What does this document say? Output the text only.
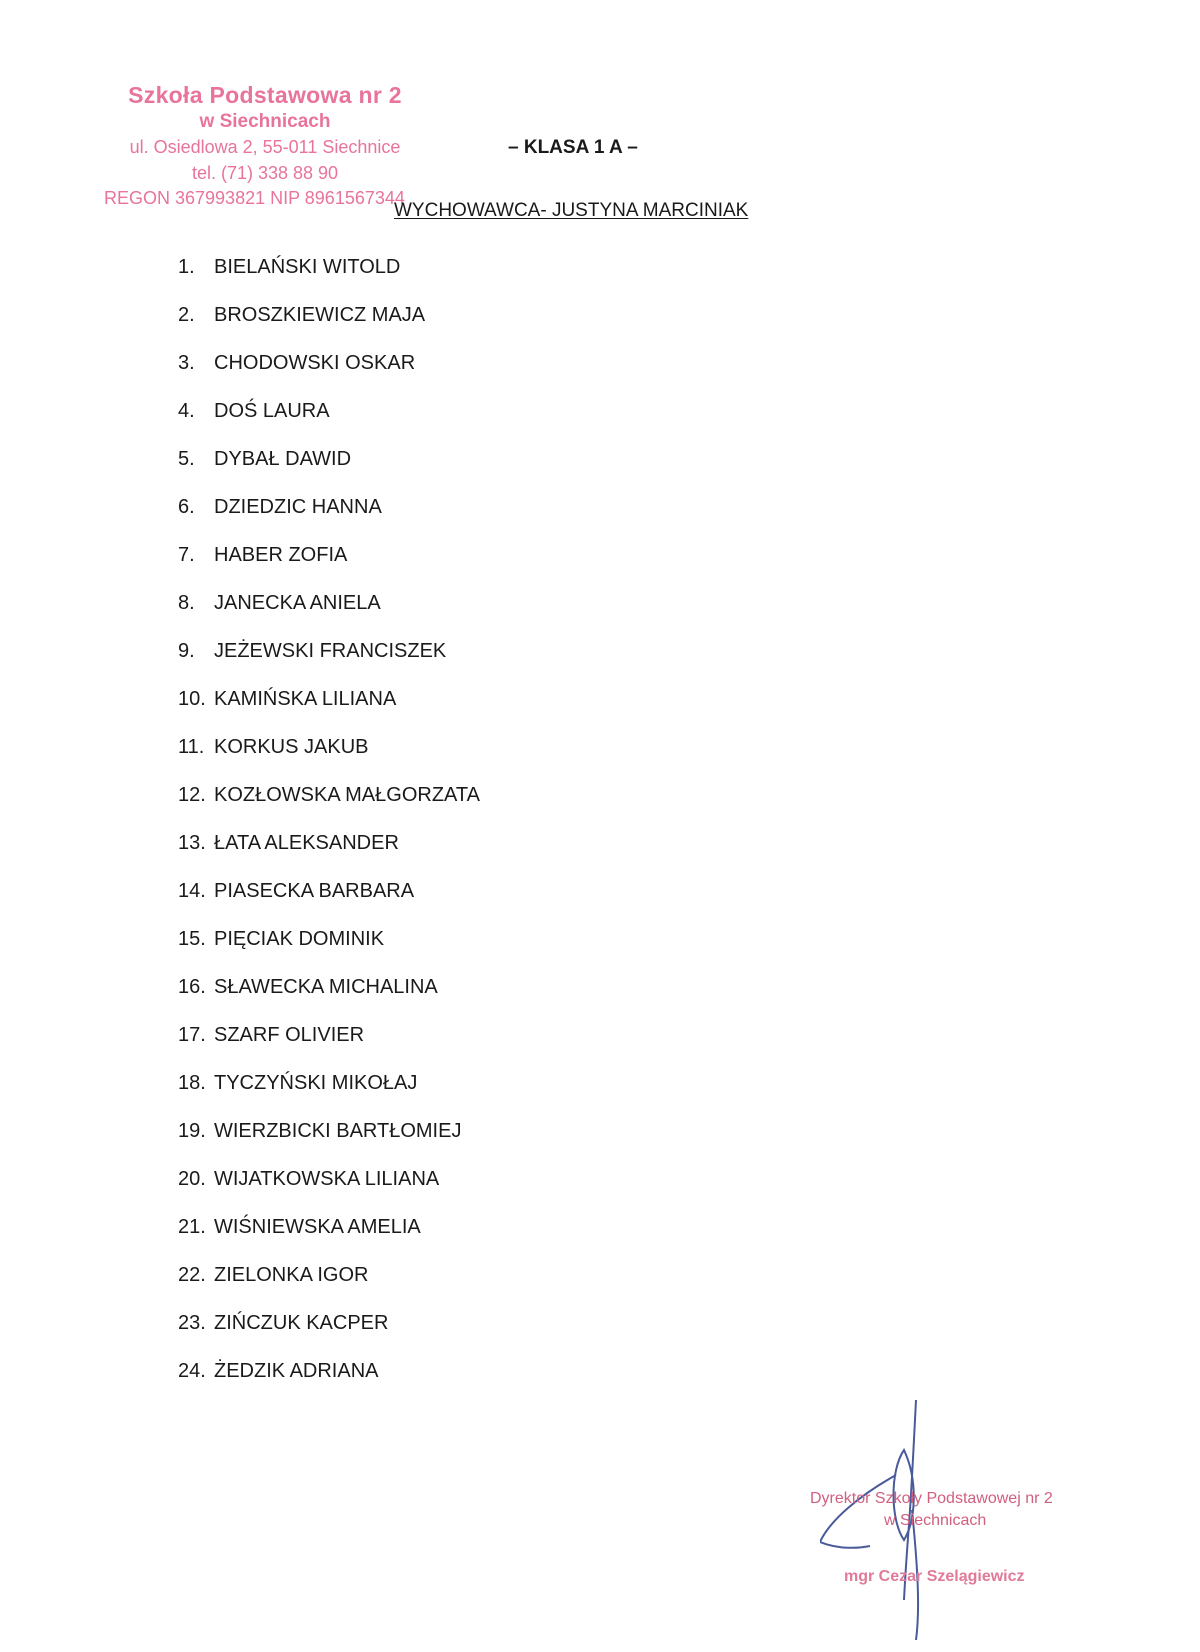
Szkoła Podstawowa nr 2
w Siechnicach
ul. Osiedlowa 2, 55-011 Siechnice
tel. (71) 338 88 90
REGON 367993821 NIP 8961567344
– KLASA 1 A –
WYCHOWAWCA- JUSTYNA MARCINIAK
1. BIELAŃSKI WITOLD
2. BROSZKIEWICZ MAJA
3. CHODOWSKI OSKAR
4. DOŚ LAURA
5. DYBAŁ DAWID
6. DZIEDZIC HANNA
7. HABER ZOFIA
8. JANECKA ANIELA
9. JEŻEWSKI FRANCISZEK
10. KAMIŃSKA LILIANA
11. KORKUS JAKUB
12. KOZŁOWSKA MAŁGORZATA
13. ŁATA ALEKSANDER
14. PIASECKA BARBARA
15. PIĘCIAK DOMINIK
16. SŁAWECKA MICHALINA
17. SZARF OLIVIER
18. TYCZYŃSKI MIKOŁAJ
19. WIERZBICKI BARTŁOMIEJ
20. WIJATKOWSKA LILIANA
21. WIŚNIEWSKA AMELIA
22. ZIELONKA IGOR
23. ZIŃCZUK KACPER
24. ŻEDZIK ADRIANA
Dyrektor Szkoły Podstawowej nr 2
w Siechnicach
mgr Cezar Szelągiewicz
